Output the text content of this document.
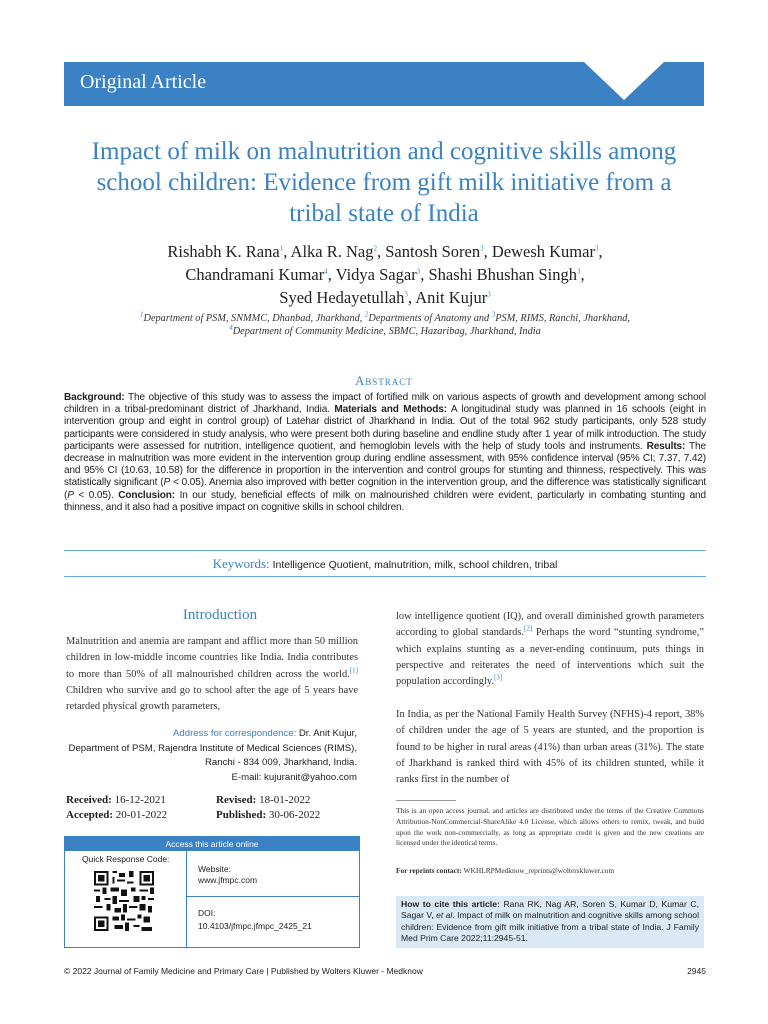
Original Article
Impact of milk on malnutrition and cognitive skills among school children: Evidence from gift milk initiative from a tribal state of India
Rishabh K. Rana$^1$, Alka R. Nag$^2$, Santosh Soren$^3$, Dewesh Kumar$^3$,
Chandramani Kumar$^4$, Vidya Sagar$^3$, Shashi Bhushan Singh$^3$,
Syed Hedayetullah$^3$, Anit Kujur$^3$
$^1$Department of PSM, SNMMC, Dhanbad, Jharkhand, $^2$Departments of Anatomy and $^3$PSM, RIMS, Ranchi, Jharkhand,
$^4$Department of Community Medicine, SBMC, Hazaribag, Jharkhand, India
Abstract
Background: The objective of this study was to assess the impact of fortified milk on various aspects of growth and development among school children in a tribal-predominant district of Jharkhand, India. Materials and Methods: A longitudinal study was planned in 16 schools (eight in intervention group and eight in control group) of Latehar district of Jharkhand in India. Out of the total 962 study participants, only 528 study participants were considered in study analysis, who were present both during baseline and endline study after 1 year of milk introduction. The study participants were assessed for nutrition, intelligence quotient, and hemoglobin levels with the help of study tools and instruments. Results: The decrease in malnutrition was more evident in the intervention group during endline assessment, with 95% confidence interval (95% CI; 7.37, 7.42) and 95% CI (10.63, 10.58) for the difference in proportion in the intervention and control groups for stunting and thinness, respectively. This was statistically significant (P < 0.05). Anemia also improved with better cognition in the intervention group, and the difference was statistically significant (P < 0.05). Conclusion: In our study, beneficial effects of milk on malnourished children were evident, particularly in combating stunting and thinness, and it also had a positive impact on cognitive skills in school children.
Keywords: Intelligence Quotient, malnutrition, milk, school children, tribal
Introduction
Malnutrition and anemia are rampant and afflict more than 50 million children in low-middle income countries like India. India contributes to more than 50% of all malnourished children across the world.[1] Children who survive and go to school after the age of 5 years have retarded physical growth parameters,
low intelligence quotient (IQ), and overall diminished growth parameters according to global standards.[2] Perhaps the word “stunting syndrome,” which explains stunting as a never-ending continuum, puts things in perspective and reiterates the need of interventions which suit the population accordingly.[3]
In India, as per the National Family Health Survey (NFHS)-4 report, 38% of children under the age of 5 years are stunted, and the proportion is found to be higher in rural areas (41%) than urban areas (31%). The state of Jharkhand is ranked third with 45% of its children stunted, while it ranks first in the number of
Address for correspondence: Dr. Anit Kujur,
Department of PSM, Rajendra Institute of Medical Sciences (RIMS),
Ranchi - 834 009, Jharkhand, India.
E-mail: kujuranit@yahoo.com
Received: 16-12-2021	Revised: 18-01-2022
Accepted: 20-01-2022	Published: 30-06-2022
Access this article online
Quick Response Code:
Website:
www.jfmpc.com
DOI:
10.4103/jfmpc.jfmpc_2425_21
This is an open access journal, and articles are distributed under the terms of the Creative Commons Attribution-NonCommercial-ShareAlike 4.0 License, which allows others to remix, tweak, and build upon the work non-commercially, as long as appropriate credit is given and the new creations are licensed under the identical terms.
For reprints contact: WKHLRPMedknow_reprints@wolterskluwer.com
How to cite this article: Rana RK, Nag AR, Soren S, Kumar D, Kumar C, Sagar V, et al. Impact of milk on malnutrition and cognitive skills among school children: Evidence from gift milk initiative from a tribal state of India. J Family Med Prim Care 2022;11:2945-51.
© 2022 Journal of Family Medicine and Primary Care | Published by Wolters Kluwer - Medknow	2945
